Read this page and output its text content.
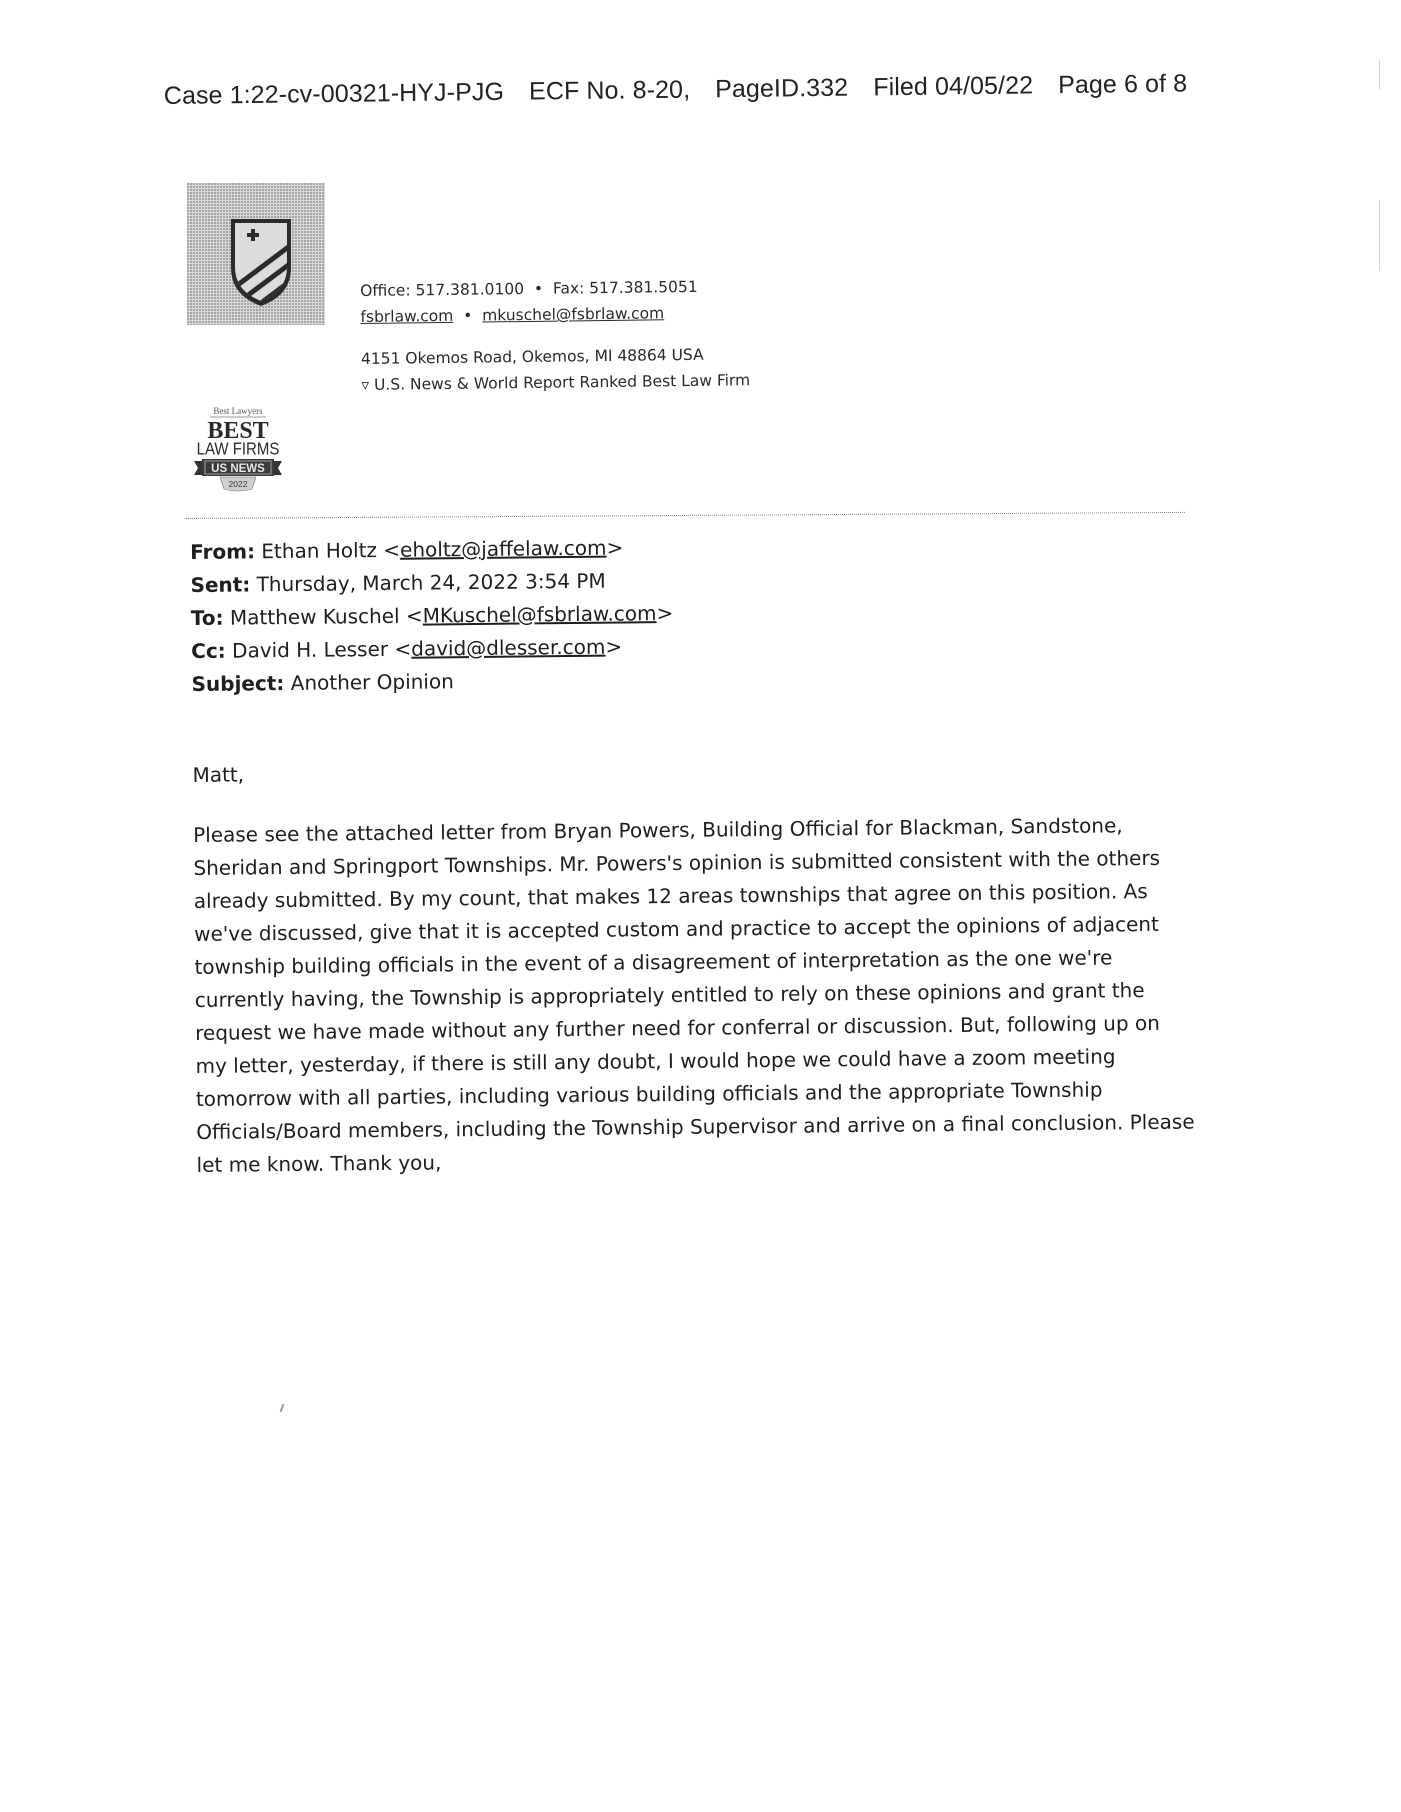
Case 1:22-cv-00321-HYJ-PJG ECF No. 8-20, PageID.332 Filed 04/05/22 Page 6 of 8
Office: 517.381.0100 • Fax: 517.381.5051
fsbrlaw.com • mkuschel@fsbrlaw.com
4151 Okemos Road, Okemos, MI 48864 USA
▿ U.S. News & World Report Ranked Best Law Firm
Best Lawyers
BEST
LAW FIRMS
US NEWS
2022
From: Ethan Holtz <eholtz@jaffelaw.com>
Sent: Thursday, March 24, 2022 3:54 PM
To: Matthew Kuschel <MKuschel@fsbrlaw.com>
Cc: David H. Lesser <david@dlesser.com>
Subject: Another Opinion
Matt,
Please see the attached letter from Bryan Powers, Building Official for Blackman, Sandstone,
Sheridan and Springport Townships. Mr. Powers's opinion is submitted consistent with the others
already submitted. By my count, that makes 12 areas townships that agree on this position. As
we've discussed, give that it is accepted custom and practice to accept the opinions of adjacent
township building officials in the event of a disagreement of interpretation as the one we're
currently having, the Township is appropriately entitled to rely on these opinions and grant the
request we have made without any further need for conferral or discussion. But, following up on
my letter, yesterday, if there is still any doubt, I would hope we could have a zoom meeting
tomorrow with all parties, including various building officials and the appropriate Township
Officials/Board members, including the Township Supervisor and arrive on a final conclusion. Please
let me know. Thank you,
